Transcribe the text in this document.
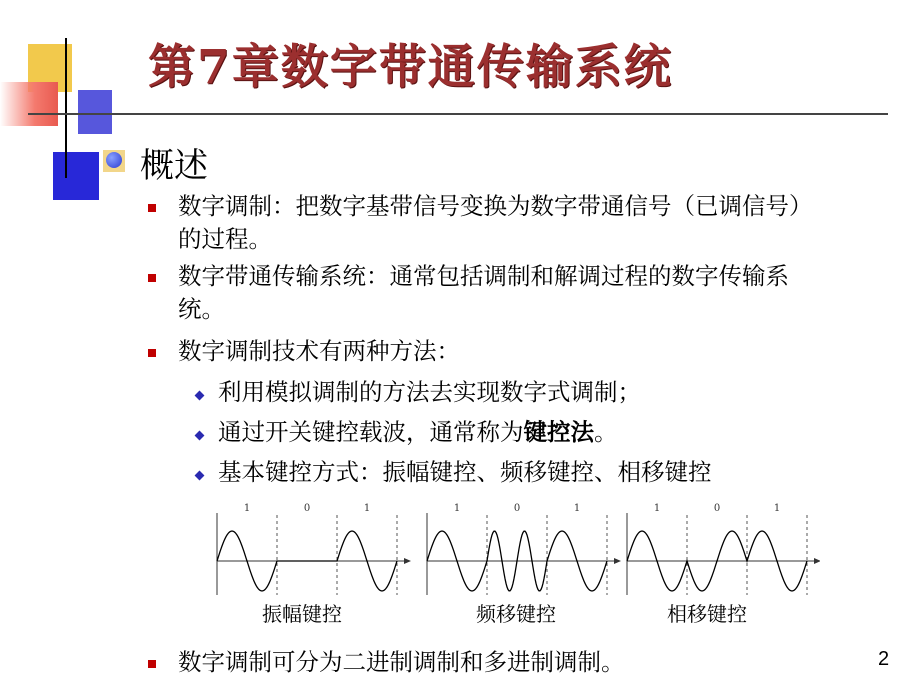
第7章数字带通传输系统
概述
数字调制：把数字基带信号变换为数字带通信号（已调信号）
的过程。
数字带通传输系统：通常包括调制和解调过程的数字传输系
统。
数字调制技术有两种方法：
利用模拟调制的方法去实现数字式调制；
通过开关键控载波，通常称为键控法。
基本键控方式：振幅键控、频移键控、相移键控
1	0	1	1	0	1	1	0	1
振幅键控	频移键控	相移键控
数字调制可分为二进制调制和多进制调制。	2
